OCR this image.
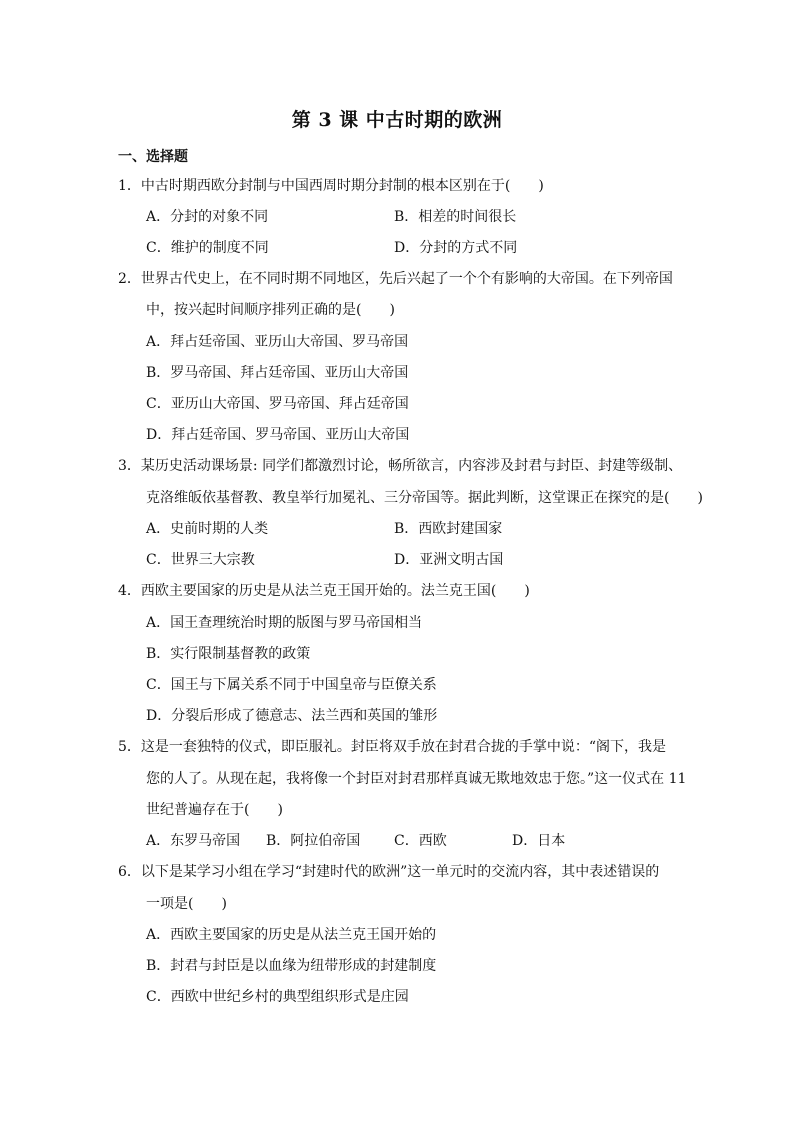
第 3 课 中古时期的欧洲
一、选择题
1．中古时期西欧分封制与中国西周时期分封制的根本区别在于(　　)
A．分封的对象不同	B．相差的时间很长
C．维护的制度不同	D．分封的方式不同
2．世界古代史上，在不同时期不同地区，先后兴起了一个个有影响的大帝国。在下列帝国
中，按兴起时间顺序排列正确的是(　　)
A．拜占廷帝国、亚历山大帝国、罗马帝国
B．罗马帝国、拜占廷帝国、亚历山大帝国
C．亚历山大帝国、罗马帝国、拜占廷帝国
D．拜占廷帝国、罗马帝国、亚历山大帝国
3．某历史活动课场景: 同学们都激烈讨论，畅所欲言，内容涉及封君与封臣、封建等级制、
克洛维皈依基督教、教皇举行加冕礼、三分帝国等。据此判断，这堂课正在探究的是(　　)
A．史前时期的人类	B．西欧封建国家
C．世界三大宗教	D．亚洲文明古国
4．西欧主要国家的历史是从法兰克王国开始的。法兰克王国(　　)
A．国王查理统治时期的版图与罗马帝国相当
B．实行限制基督教的政策
C．国王与下属关系不同于中国皇帝与臣僚关系
D．分裂后形成了德意志、法兰西和英国的雏形
5．这是一套独特的仪式，即臣服礼。封臣将双手放在封君合拢的手掌中说：“阁下，我是
您的人了。从现在起，我将像一个封臣对封君那样真诚无欺地效忠于您。”这一仪式在 11
世纪普遍存在于(　　)
A．东罗马帝国 B．阿拉伯帝国 C．西欧	D．日本
6．以下是某学习小组在学习“封建时代的欧洲”这一单元时的交流内容，其中表述错误的
一项是(　　)
A．西欧主要国家的历史是从法兰克王国开始的
B．封君与封臣是以血缘为纽带形成的封建制度
C．西欧中世纪乡村的典型组织形式是庄园
